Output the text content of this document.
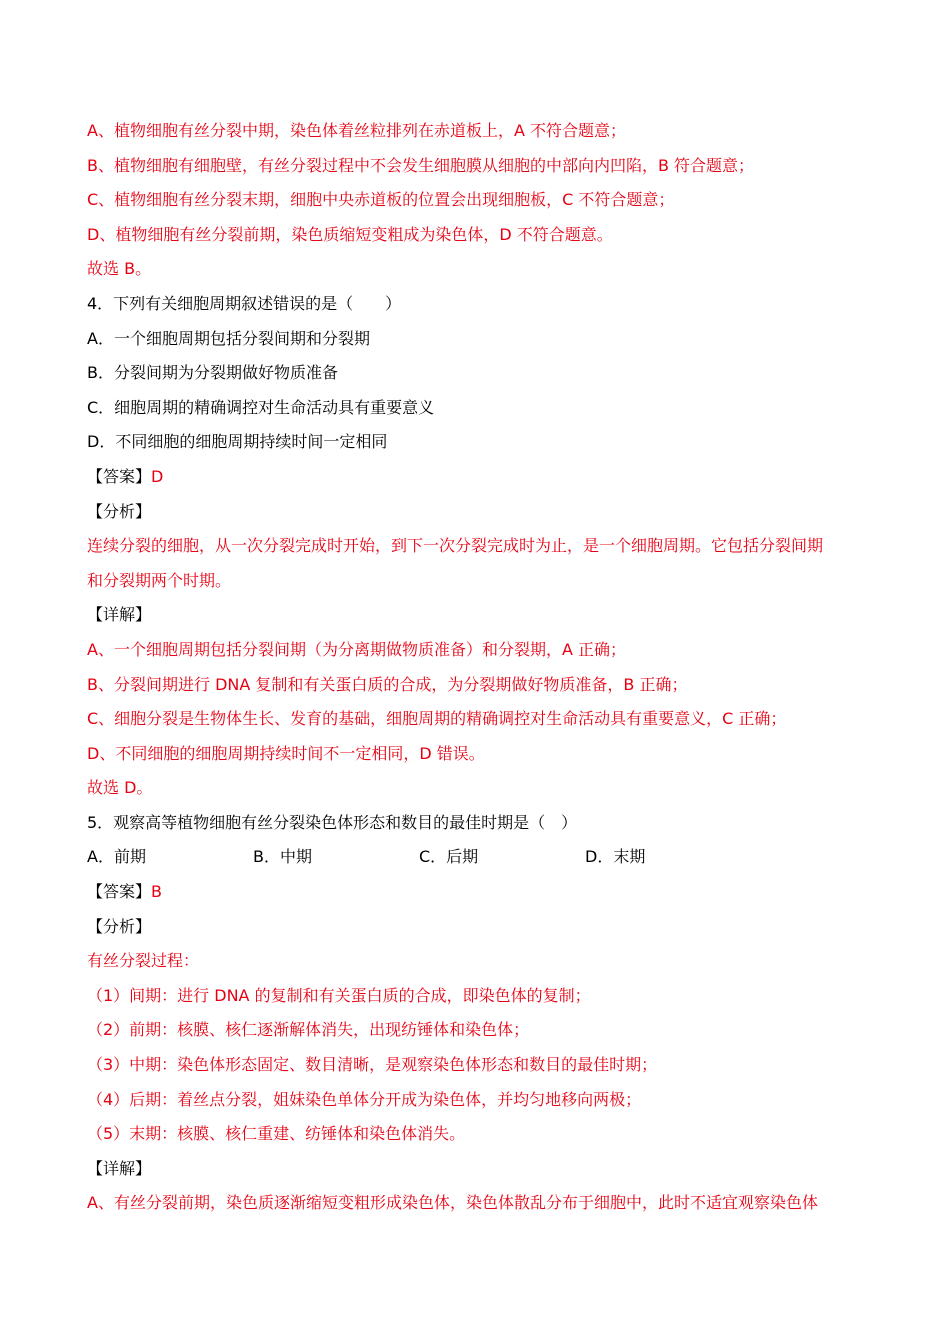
A、植物细胞有丝分裂中期，染色体着丝粒排列在赤道板上，A 不符合题意；
B、植物细胞有细胞壁，有丝分裂过程中不会发生细胞膜从细胞的中部向内凹陷，B 符合题意；
C、植物细胞有丝分裂末期，细胞中央赤道板的位置会出现细胞板，C 不符合题意；
D、植物细胞有丝分裂前期，染色质缩短变粗成为染色体，D 不符合题意。
故选 B。
4．下列有关细胞周期叙述错误的是（　　）
A．一个细胞周期包括分裂间期和分裂期
B．分裂间期为分裂期做好物质准备
C．细胞周期的精确调控对生命活动具有重要意义
D．不同细胞的细胞周期持续时间一定相同
【答案】D
【分析】
连续分裂的细胞，从一次分裂完成时开始，到下一次分裂完成时为止，是一个细胞周期。它包括分裂间期
和分裂期两个时期。
【详解】
A、一个细胞周期包括分裂间期（为分离期做物质准备）和分裂期，A 正确；
B、分裂间期进行 DNA 复制和有关蛋白质的合成，为分裂期做好物质准备，B 正确；
C、细胞分裂是生物体生长、发育的基础，细胞周期的精确调控对生命活动具有重要意义，C 正确；
D、不同细胞的细胞周期持续时间不一定相同，D 错误。
故选 D。
5．观察高等植物细胞有丝分裂染色体形态和数目的最佳时期是（　）
A．前期	B．中期	C．后期	D．末期
【答案】B
【分析】
有丝分裂过程：
（1）间期：进行 DNA 的复制和有关蛋白质的合成，即染色体的复制；
（2）前期：核膜、核仁逐渐解体消失，出现纺锤体和染色体；
（3）中期：染色体形态固定、数目清晰，是观察染色体形态和数目的最佳时期；
（4）后期：着丝点分裂，姐妹染色单体分开成为染色体，并均匀地移向两极；
（5）末期：核膜、核仁重建、纺锤体和染色体消失。
【详解】
A、有丝分裂前期，染色质逐渐缩短变粗形成染色体，染色体散乱分布于细胞中，此时不适宜观察染色体
